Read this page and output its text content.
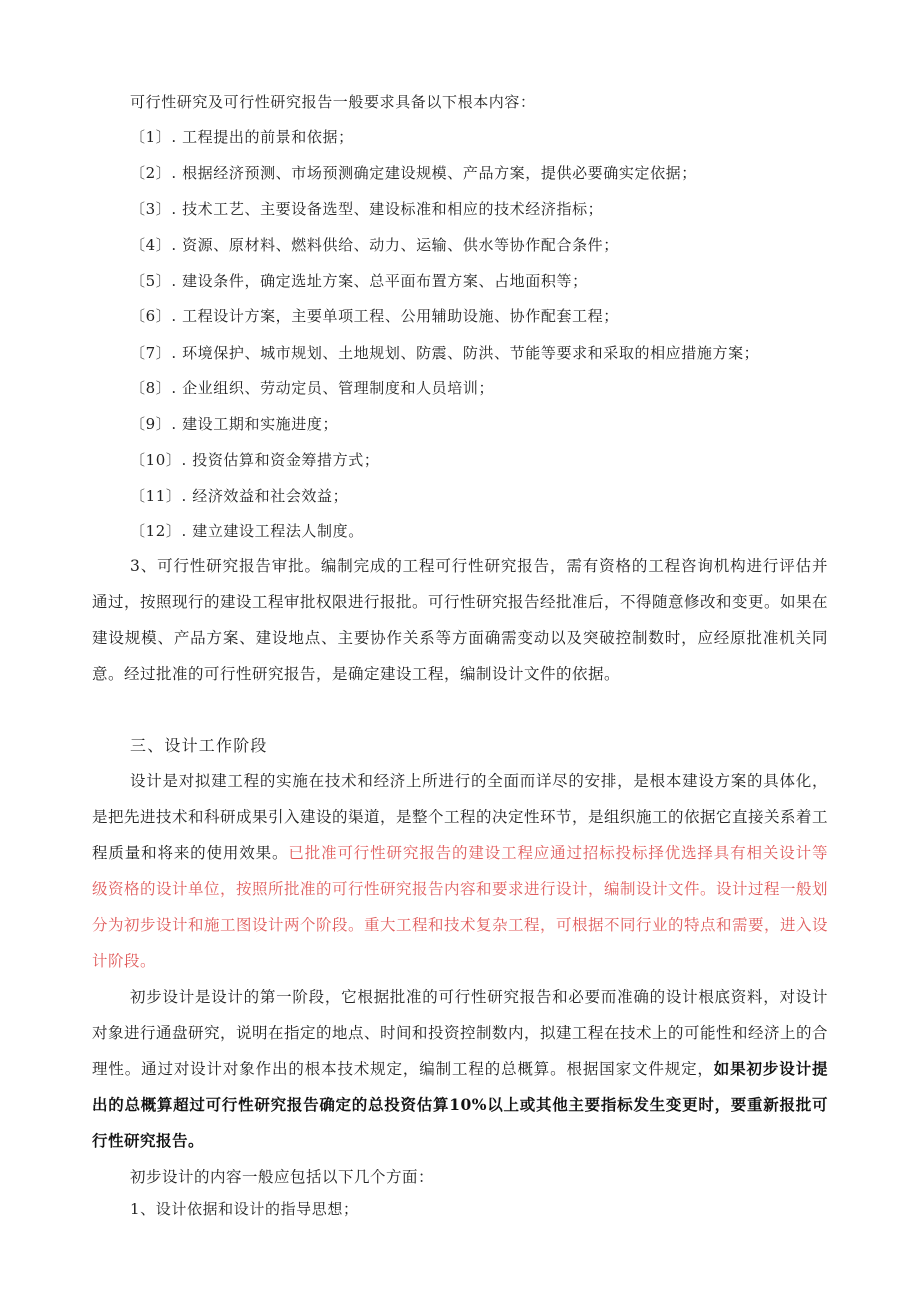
可行性研究及可行性研究报告一般要求具备以下根本内容：
〔1〕. 工程提出的前景和依据；
〔2〕. 根据经济预测、市场预测确定建设规模、产品方案，提供必要确实定依据；
〔3〕. 技术工艺、主要设备选型、建设标准和相应的技术经济指标；
〔4〕. 资源、原材料、燃料供给、动力、运输、供水等协作配合条件；
〔5〕. 建设条件，确定选址方案、总平面布置方案、占地面积等；
〔6〕. 工程设计方案，主要单项工程、公用辅助设施、协作配套工程；
〔7〕. 环境保护、城市规划、土地规划、防震、防洪、节能等要求和采取的相应措施方案；
〔8〕. 企业组织、劳动定员、管理制度和人员培训；
〔9〕. 建设工期和实施进度；
〔10〕. 投资估算和资金筹措方式；
〔11〕. 经济效益和社会效益；
〔12〕. 建立建设工程法人制度。
3、可行性研究报告审批。编制完成的工程可行性研究报告，需有资格的工程咨询机构进行评估并通过，按照现行的建设工程审批权限进行报批。可行性研究报告经批准后，不得随意修改和变更。如果在建设规模、产品方案、建设地点、主要协作关系等方面确需变动以及突破控制数时，应经原批准机关同意。经过批准的可行性研究报告，是确定建设工程，编制设计文件的依据。
三、设计工作阶段
设计是对拟建工程的实施在技术和经济上所进行的全面而详尽的安排，是根本建设方案的具体化，是把先进技术和科研成果引入建设的渠道，是整个工程的决定性环节，是组织施工的依据它直接关系着工程质量和将来的使用效果。已批准可行性研究报告的建设工程应通过招标投标择优选择具有相关设计等级资格的设计单位，按照所批准的可行性研究报告内容和要求进行设计，编制设计文件。设计过程一般划分为初步设计和施工图设计两个阶段。重大工程和技术复杂工程，可根据不同行业的特点和需要，进入设计阶段。
初步设计是设计的第一阶段，它根据批准的可行性研究报告和必要而准确的设计根底资料，对设计对象进行通盘研究，说明在指定的地点、时间和投资控制数内，拟建工程在技术上的可能性和经济上的合理性。通过对设计对象作出的根本技术规定，编制工程的总概算。根据国家文件规定，如果初步设计提出的总概算超过可行性研究报告确定的总投资估算10%以上或其他主要指标发生变更时，要重新报批可行性研究报告。
初步设计的内容一般应包括以下几个方面：
1、设计依据和设计的指导思想；
